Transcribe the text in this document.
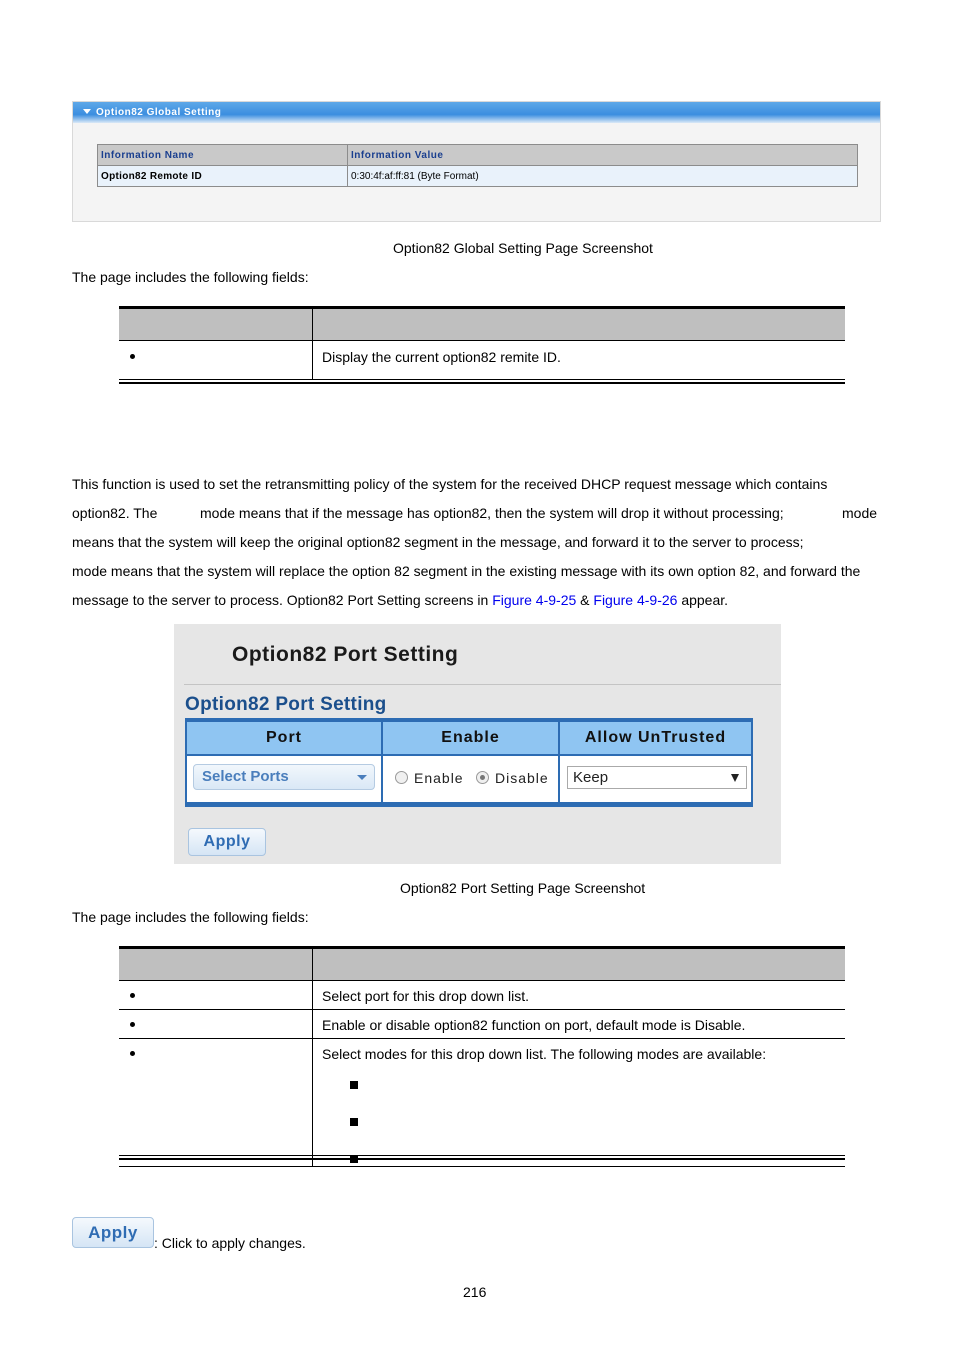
Option82 Global Setting
Information Name	Information Value
Option82 Remote ID	0:30:4f:af:ff:81 (Byte Format)
Option82 Global Setting Page Screenshot
The page includes the following fields:

	Display the current option82 remite ID.
This function is used to set the retransmitting policy of the system for the received DHCP request message which contains
option82. The	mode means that if the message has option82, then the system will drop it without processing;	mode
means that the system will keep the original option82 segment in the message, and forward it to the server to process;
mode means that the system will replace the option 82 segment in the existing message with its own option 82, and forward the
message to the server to process. Option82 Port Setting screens in Figure 4-9-25 & Figure 4-9-26 appear.
Option82 Port Setting
Option82 Port Setting
Port	Enable	Allow UnTrusted
Select Ports	Enable Disable	Keep
Apply
Option82 Port Setting Page Screenshot
The page includes the following fields:

	Select port for this drop down list.
	Enable or disable option82 function on port, default mode is Disable.

	Select modes for this drop down list. The following modes are available:
Apply
: Click to apply changes.
216
